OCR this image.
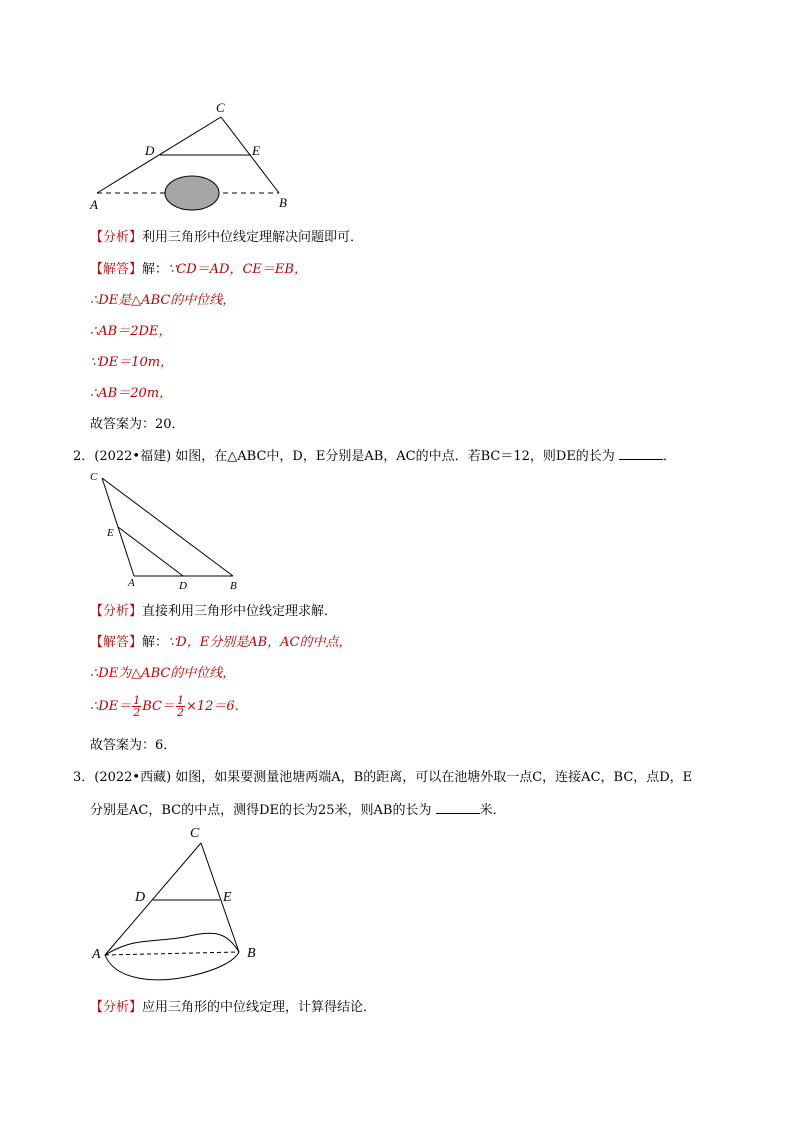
C
D	E
A	B
【分析】利用三角形中位线定理解决问题即可．
【解答】解：∵CD＝AD，CE＝EB，
∴DE是△ABC的中位线，
∴AB＝2DE，
∵DE＝10m，
∴AB＝20m，
故答案为：20．
2．(2022•福建) 如图，在△ABC中，D，E分别是AB，AC的中点．若BC＝12，则DE的长为	．
C
E
A	D	B
【分析】直接利用三角形中位线定理求解．
【解答】解：∵D，E分别是AB，AC的中点，
∴DE为△ABC的中位线，
∴DE＝ $\frac{1}{2} BC= \frac{1}{2} \times 12=6$．
故答案为：6．
3．(2022•西藏) 如图，如果要测量池塘两端A，B的距离，可以在池塘外取一点C，连接AC，BC，点D，E
分别是AC，BC的中点，测得DE的长为25米，则AB的长为	米．
C
D	E
A	B
【分析】应用三角形的中位线定理，计算得结论．
